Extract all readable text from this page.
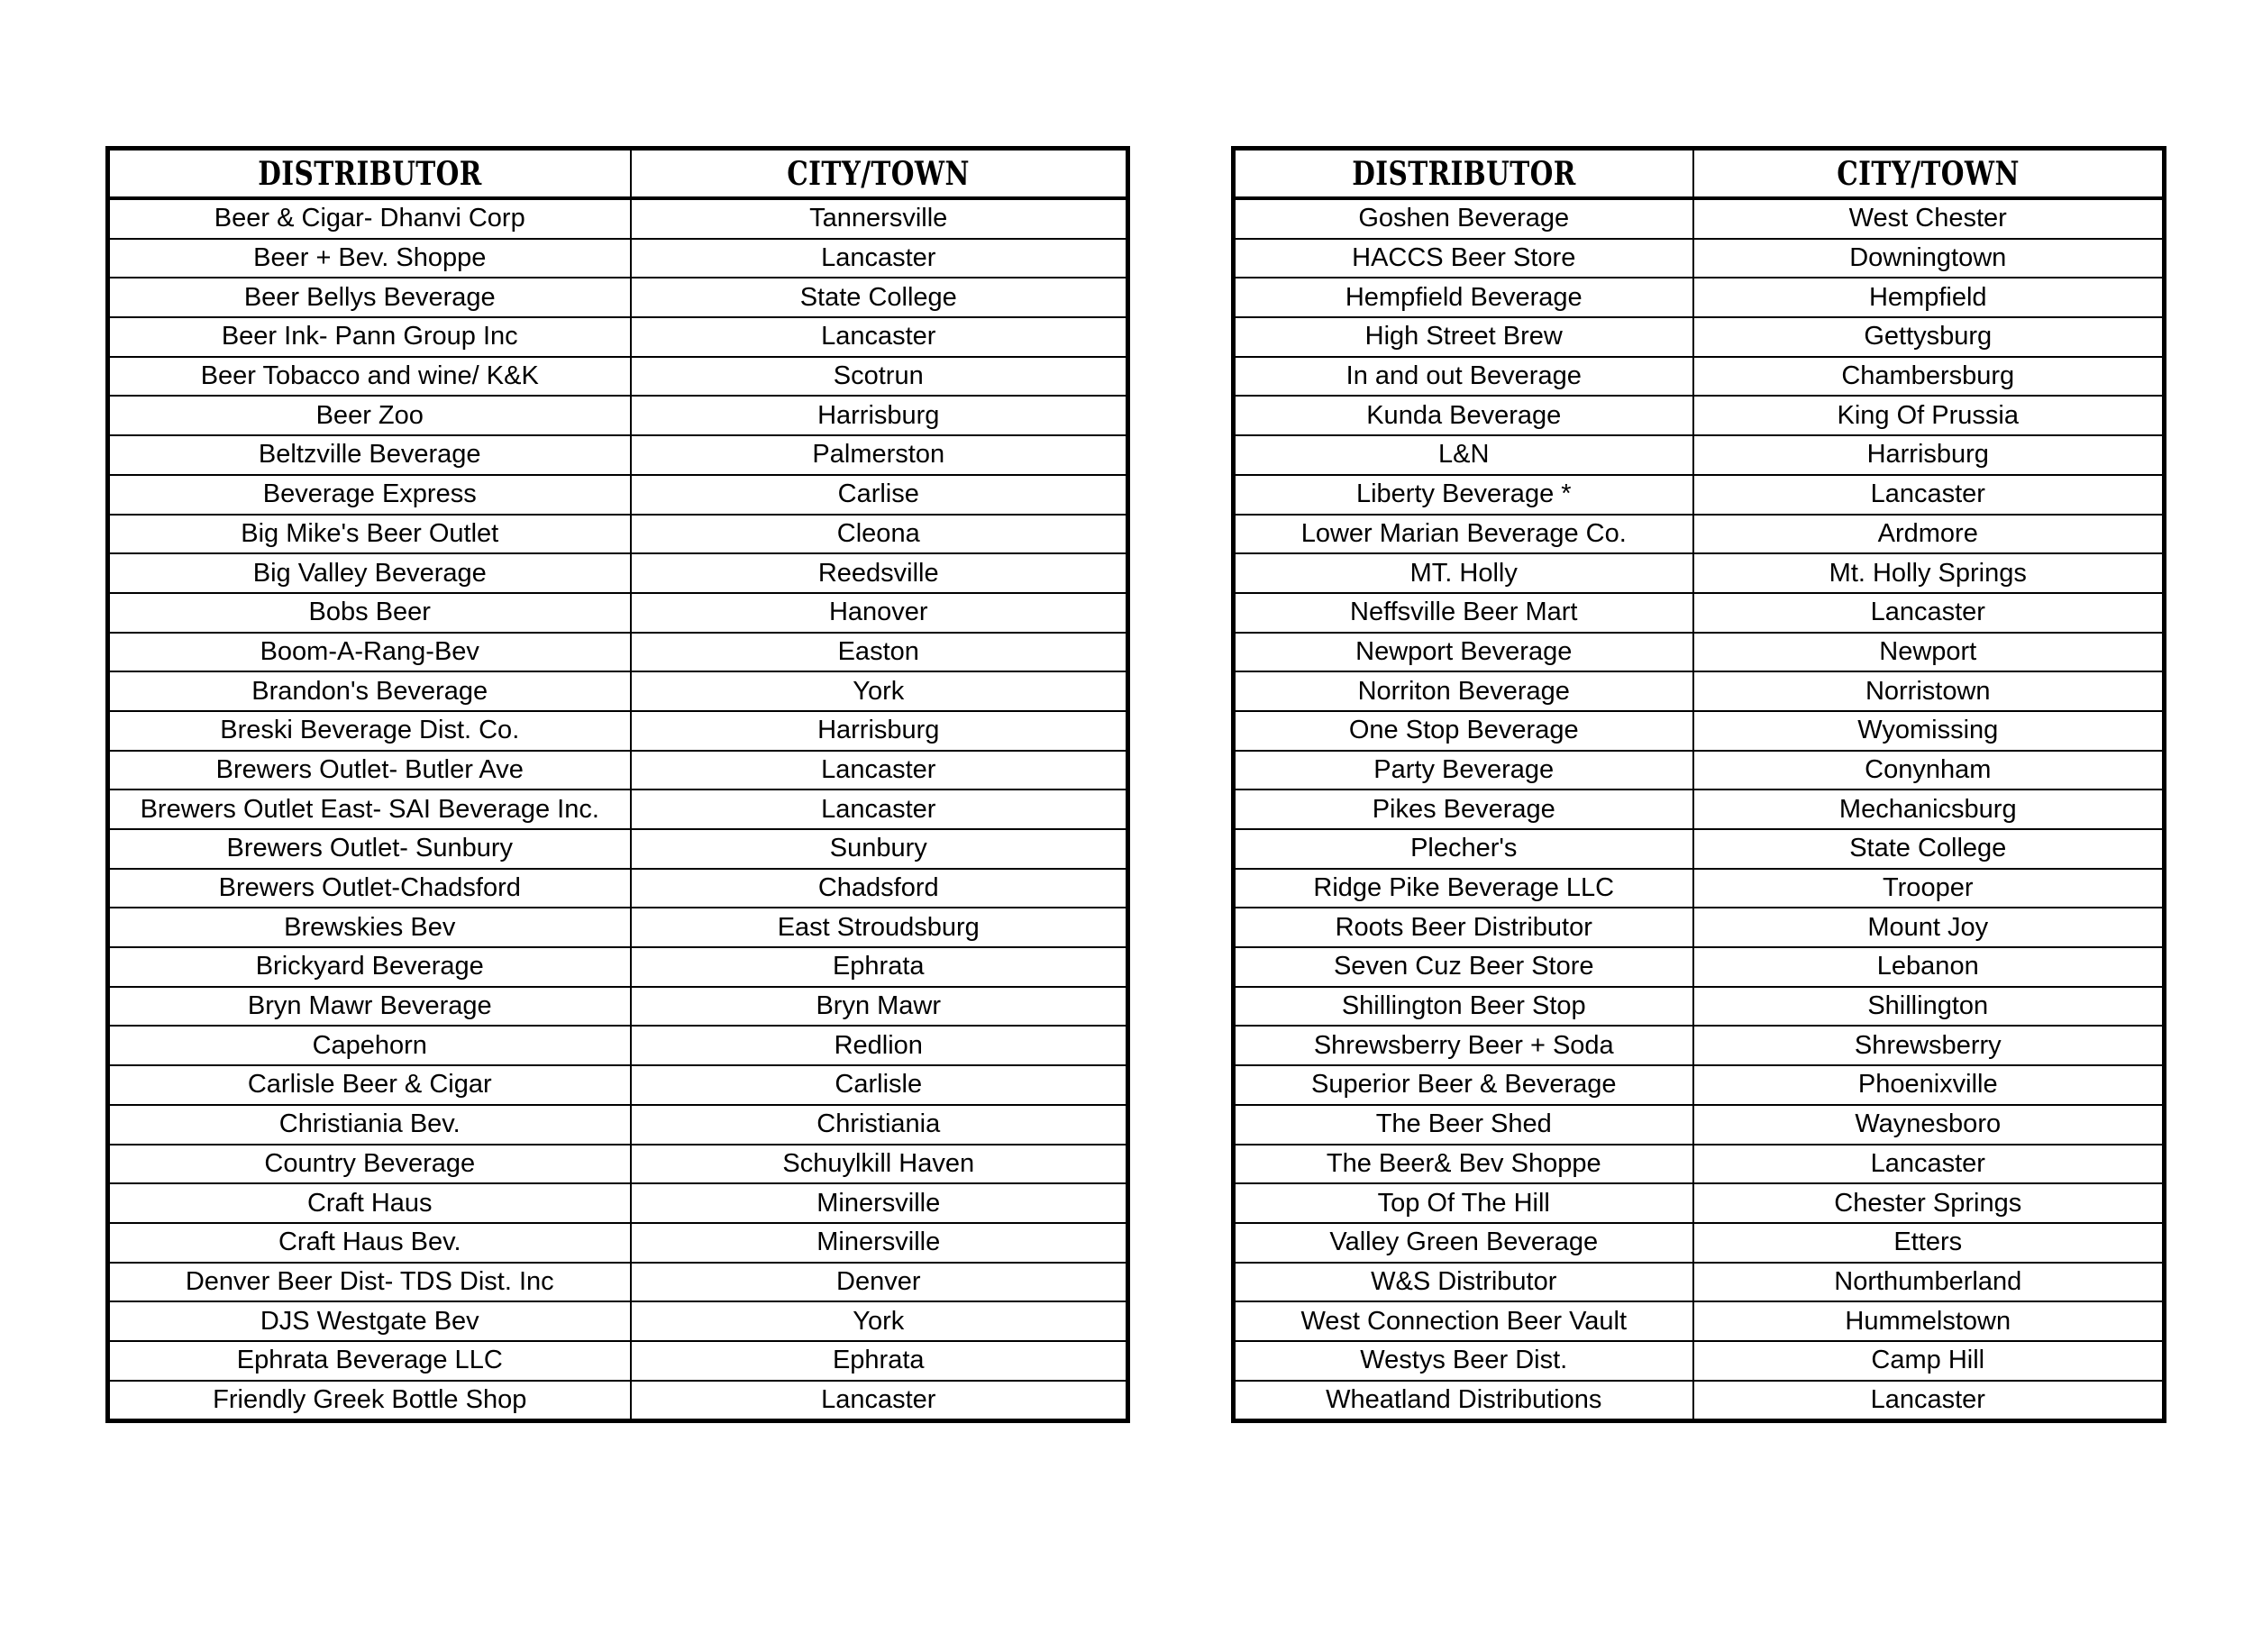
DISTRIBUTOR	CITY/TOWN
Beer & Cigar- Dhanvi Corp	Tannersville
Beer + Bev. Shoppe	Lancaster
Beer Bellys Beverage	State College
Beer Ink- Pann Group Inc	Lancaster
Beer Tobacco and wine/ K&K	Scotrun
Beer Zoo	Harrisburg
Beltzville Beverage	Palmerston
Beverage Express	Carlise
Big Mike's Beer Outlet	Cleona
Big Valley Beverage	Reedsville
Bobs Beer	Hanover
Boom-A-Rang-Bev	Easton
Brandon's Beverage	York
Breski Beverage Dist. Co.	Harrisburg
Brewers Outlet- Butler Ave	Lancaster
Brewers Outlet East- SAI Beverage Inc.	Lancaster
Brewers Outlet- Sunbury	Sunbury
Brewers Outlet-Chadsford	Chadsford
Brewskies Bev	East Stroudsburg
Brickyard Beverage	Ephrata
Bryn Mawr Beverage	Bryn Mawr
Capehorn	Redlion
Carlisle Beer & Cigar	Carlisle
Christiania Bev.	Christiania
Country Beverage	Schuylkill Haven
Craft Haus	Minersville
Craft Haus Bev.	Minersville
Denver Beer Dist- TDS Dist. Inc	Denver
DJS Westgate Bev	York
Ephrata Beverage LLC	Ephrata
Friendly Greek Bottle Shop	Lancaster
DISTRIBUTOR	CITY/TOWN
Goshen Beverage	West Chester
HACCS Beer Store	Downingtown
Hempfield Beverage	Hempfield
High Street Brew	Gettysburg
In and out Beverage	Chambersburg
Kunda Beverage	King Of Prussia
L&N	Harrisburg
Liberty Beverage *	Lancaster
Lower Marian Beverage Co.	Ardmore
MT. Holly	Mt. Holly Springs
Neffsville Beer Mart	Lancaster
Newport Beverage	Newport
Norriton Beverage	Norristown
One Stop Beverage	Wyomissing
Party Beverage	Conynham
Pikes Beverage	Mechanicsburg
Plecher's	State College
Ridge Pike Beverage LLC	Trooper
Roots Beer Distributor	Mount Joy
Seven Cuz Beer Store	Lebanon
Shillington Beer Stop	Shillington
Shrewsberry Beer + Soda	Shrewsberry
Superior Beer & Beverage	Phoenixville
The Beer Shed	Waynesboro
The Beer& Bev Shoppe	Lancaster
Top Of The Hill	Chester Springs
Valley Green Beverage	Etters
W&S Distributor	Northumberland
West Connection Beer Vault	Hummelstown
Westys Beer Dist.	Camp Hill
Wheatland Distributions	Lancaster
